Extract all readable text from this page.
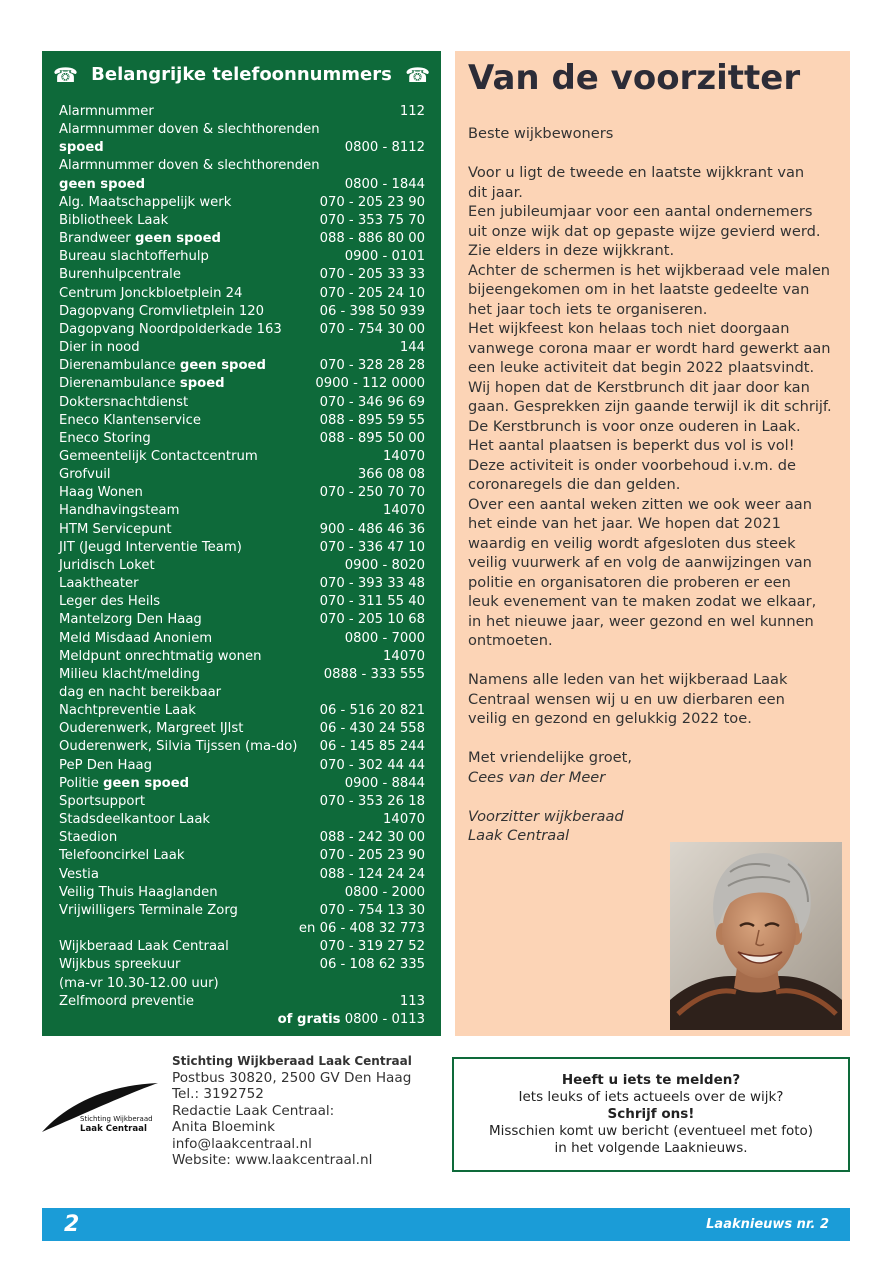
☎ Belangrijke telefoonnummers ☎
Alarmnummer	112
Alarmnummer doven & slechthorenden
spoed	0800 - 8112
Alarmnummer doven & slechthorenden
geen spoed	0800 - 1844
Alg. Maatschappelijk werk	070 - 205 23 90
Bibliotheek Laak	070 - 353 75 70
Brandweer geen spoed	088 - 886 80 00
Bureau slachtofferhulp	0900 - 0101
Burenhulpcentrale	070 - 205 33 33
Centrum Jonckbloetplein 24	070 - 205 24 10
Dagopvang Cromvlietplein 120	06 - 398 50 939
Dagopvang Noordpolderkade 163	070 - 754 30 00
Dier in nood	144
Dierenambulance geen spoed	070 - 328 28 28
Dierenambulance spoed	0900 - 112 0000
Doktersnachtdienst	070 - 346 96 69
Eneco Klantenservice	088 - 895 59 55
Eneco Storing	088 - 895 50 00
Gemeentelijk Contactcentrum	14070
Grofvuil	366 08 08
Haag Wonen	070 - 250 70 70
Handhavingsteam	14070
HTM Servicepunt	900 - 486 46 36
JIT (Jeugd Interventie Team)	070 - 336 47 10
Juridisch Loket	0900 - 8020
Laaktheater	070 - 393 33 48
Leger des Heils	070 - 311 55 40
Mantelzorg Den Haag	070 - 205 10 68
Meld Misdaad Anoniem	0800 - 7000
Meldpunt onrechtmatig wonen	14070
Milieu klacht/melding	0888 - 333 555
dag en nacht bereikbaar
Nachtpreventie Laak	06 - 516 20 821
Ouderenwerk, Margreet IJlst	06 - 430 24 558
Ouderenwerk, Silvia Tijssen (ma-do) 06 - 145 85 244
PeP Den Haag	070 - 302 44 44
Politie geen spoed	0900 - 8844
Sportsupport	070 - 353 26 18
Stadsdeelkantoor Laak	14070
Staedion	088 - 242 30 00
Telefooncirkel Laak	070 - 205 23 90
Vestia	088 - 124 24 24
Veilig Thuis Haaglanden	0800 - 2000
Vrijwilligers Terminale Zorg	070 - 754 13 30
en 06 - 408 32 773
Wijkberaad Laak Centraal	070 - 319 27 52
Wijkbus spreekuur	06 - 108 62 335
(ma-vr 10.30-12.00 uur)
Zelfmoord preventie	113
of gratis 0800 - 0113
Van de voorzitter
Beste wijkbewoners
Voor u ligt de tweede en laatste wijkkrant van
dit jaar.
Een jubileumjaar voor een aantal ondernemers
uit onze wijk dat op gepaste wijze gevierd werd.
Zie elders in deze wijkkrant.
Achter de schermen is het wijkberaad vele malen
bijeengekomen om in het laatste gedeelte van
het jaar toch iets te organiseren.
Het wijkfeest kon helaas toch niet doorgaan
vanwege corona maar er wordt hard gewerkt aan
een leuke activiteit dat begin 2022 plaatsvindt.
Wij hopen dat de Kerstbrunch dit jaar door kan
gaan. Gesprekken zijn gaande terwijl ik dit schrijf.
De Kerstbrunch is voor onze ouderen in Laak.
Het aantal plaatsen is beperkt dus vol is vol!
Deze activiteit is onder voorbehoud i.v.m. de
coronaregels die dan gelden.
Over een aantal weken zitten we ook weer aan
het einde van het jaar. We hopen dat 2021
waardig en veilig wordt afgesloten dus steek
veilig vuurwerk af en volg de aanwijzingen van
politie en organisatoren die proberen er een
leuk evenement van te maken zodat we elkaar,
in het nieuwe jaar, weer gezond en wel kunnen
ontmoeten.
Namens alle leden van het wijkberaad Laak
Centraal wensen wij u en uw dierbaren een
veilig en gezond en gelukkig 2022 toe.
Met vriendelijke groet,
Cees van der Meer
Voorzitter wijkberaad
Laak Centraal
Stichting Wijkberaad
Laak Centraal
Stichting Wijkberaad Laak Centraal
Postbus 30820, 2500 GV Den Haag
Tel.: 3192752
Redactie Laak Centraal:
Anita Bloemink
info@laakcentraal.nl
Website: www.laakcentraal.nl
Heeft u iets te melden?
Iets leuks of iets actueels over de wijk?
Schrijf ons!
Misschien komt uw bericht (eventueel met foto)
in het volgende Laaknieuws.
2	Laaknieuws nr. 2
